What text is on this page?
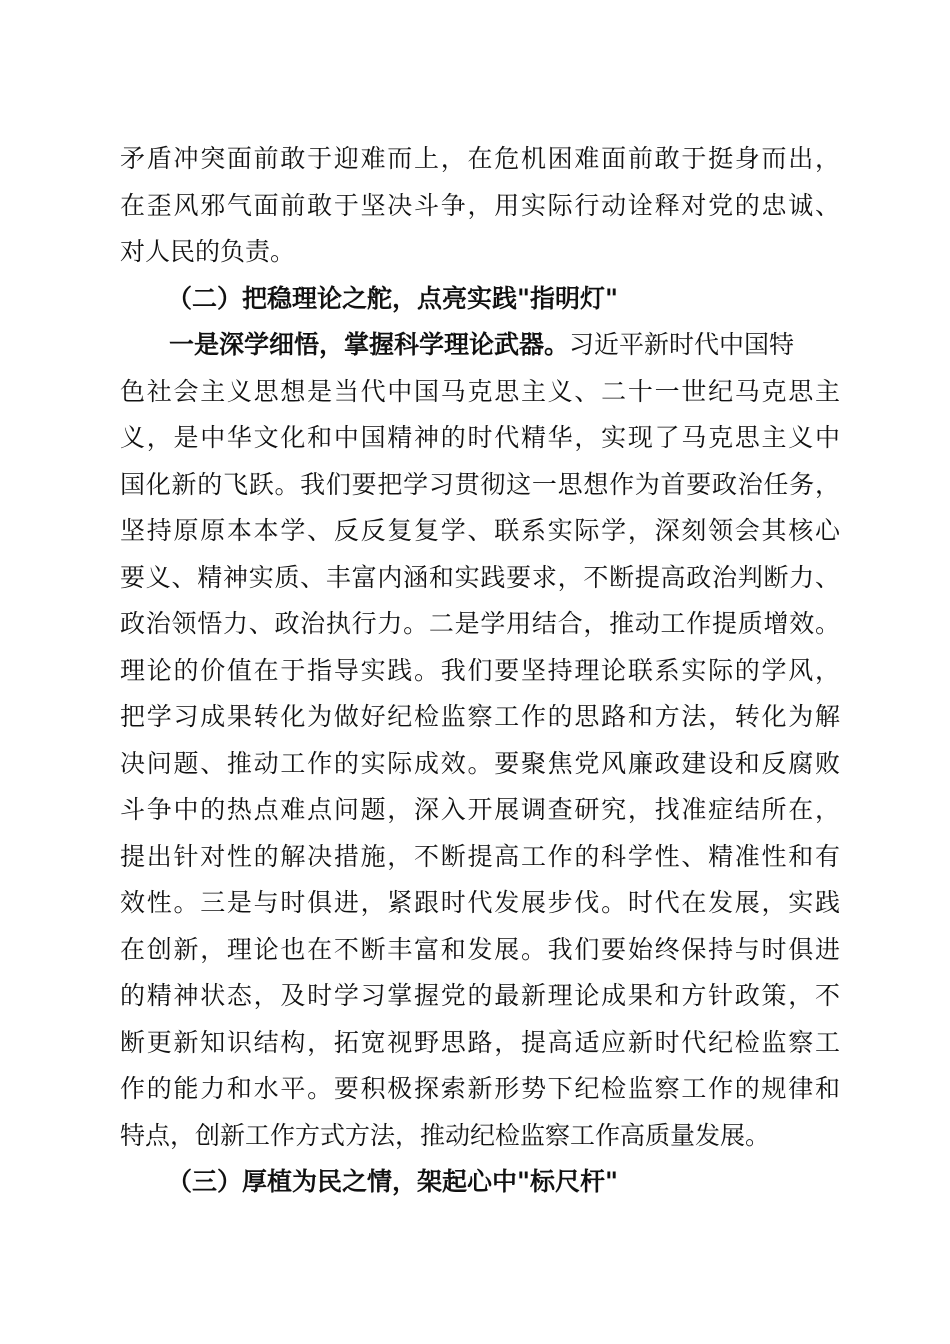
矛盾冲突面前敢于迎难而上，在危机困难面前敢于挺身而出，
在歪风邪气面前敢于坚决斗争，用实际行动诠释对党的忠诚、
对人民的负责。
（二）把稳理论之舵，点亮实践"指明灯"
一是深学细悟，掌握科学理论武器。习近平新时代中国特
色社会主义思想是当代中国马克思主义、二十一世纪马克思主
义，是中华文化和中国精神的时代精华，实现了马克思主义中
国化新的飞跃。我们要把学习贯彻这一思想作为首要政治任务，
坚持原原本本学、反反复复学、联系实际学，深刻领会其核心
要义、精神实质、丰富内涵和实践要求，不断提高政治判断力、
政治领悟力、政治执行力。二是学用结合，推动工作提质增效。
理论的价值在于指导实践。我们要坚持理论联系实际的学风，
把学习成果转化为做好纪检监察工作的思路和方法，转化为解
决问题、推动工作的实际成效。要聚焦党风廉政建设和反腐败
斗争中的热点难点问题，深入开展调查研究，找准症结所在，
提出针对性的解决措施，不断提高工作的科学性、精准性和有
效性。三是与时俱进，紧跟时代发展步伐。时代在发展，实践
在创新，理论也在不断丰富和发展。我们要始终保持与时俱进
的精神状态，及时学习掌握党的最新理论成果和方针政策，不
断更新知识结构，拓宽视野思路，提高适应新时代纪检监察工
作的能力和水平。要积极探索新形势下纪检监察工作的规律和
特点，创新工作方式方法，推动纪检监察工作高质量发展。
（三）厚植为民之情，架起心中"标尺杆"
